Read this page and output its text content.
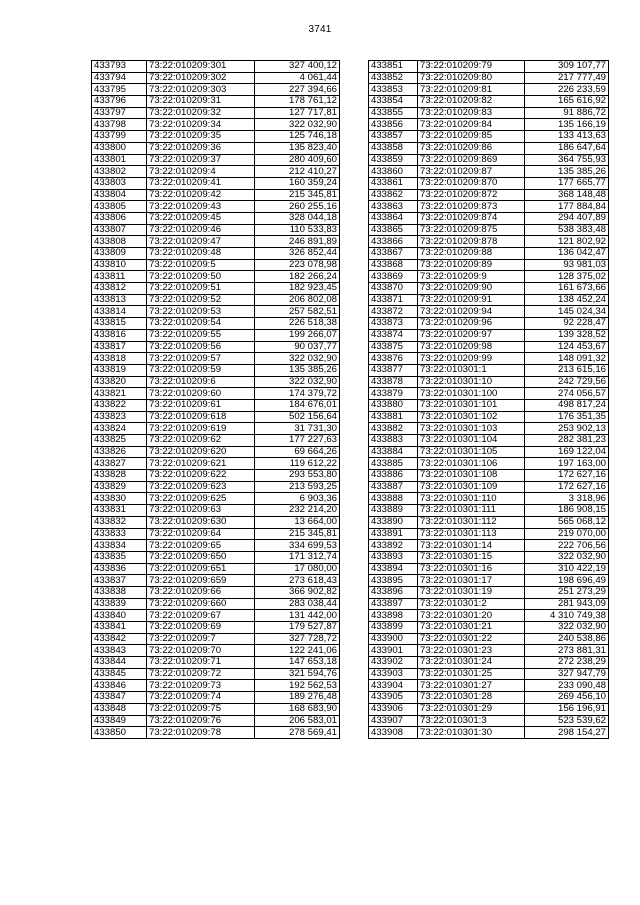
3741
433793	73:22:010209:301	327 400,12
433794	73:22:010209:302	4 061,44
433795	73:22:010209:303	227 394,66
433796	73:22:010209:31	178 761,12
433797	73:22:010209:32	127 717,81
433798	73:22:010209:34	322 032,90
433799	73:22:010209:35	125 746,18
433800	73:22:010209:36	135 823,40
433801	73:22:010209:37	280 409,60
433802	73:22:010209:4	212 410,27
433803	73:22:010209:41	160 359,24
433804	73:22:010209:42	215 345,81
433805	73:22:010209:43	260 255,16
433806	73:22:010209:45	328 044,18
433807	73:22:010209:46	110 533,83
433808	73:22:010209:47	246 891,89
433809	73:22:010209:48	326 852,44
433810	73:22:010209:5	223 078,98
433811	73:22:010209:50	182 266,24
433812	73:22:010209:51	182 923,45
433813	73:22:010209:52	206 802,08
433814	73:22:010209:53	257 582,51
433815	73:22:010209:54	226 518,38
433816	73:22:010209:55	199 266,07
433817	73:22:010209:56	90 037,77
433818	73:22:010209:57	322 032,90
433819	73:22:010209:59	135 385,26
433820	73:22:010209:6	322 032,90
433821	73:22:010209:60	174 379,72
433822	73:22:010209:61	184 676,01
433823	73:22:010209:618	502 156,64
433824	73:22:010209:619	31 731,30
433825	73:22:010209:62	177 227,63
433826	73:22:010209:620	69 664,26
433827	73:22:010209:621	119 612,22
433828	73:22:010209:622	293 553,80
433829	73:22:010209:623	213 593,25
433830	73:22:010209:625	6 903,36
433831	73:22:010209:63	232 214,20
433832	73:22:010209:630	13 664,00
433833	73:22:010209:64	215 345,81
433834	73:22:010209:65	334 699,53
433835	73:22:010209:650	171 312,74
433836	73:22:010209:651	17 080,00
433837	73:22:010209:659	273 618,43
433838	73:22:010209:66	366 902,82
433839	73:22:010209:660	283 038,44
433840	73:22:010209:67	131 442,00
433841	73:22:010209:69	179 527,87
433842	73:22:010209:7	327 728,72
433843	73:22:010209:70	122 241,06
433844	73:22:010209:71	147 653,18
433845	73:22:010209:72	321 594,76
433846	73:22:010209:73	192 562,53
433847	73:22:010209:74	189 276,48
433848	73:22:010209:75	168 683,90
433849	73:22:010209:76	206 583,01
433850	73:22:010209:78	278 569,41
433851	73:22:010209:79	309 107,77
433852	73:22:010209:80	217 777,49
433853	73:22:010209:81	226 233,59
433854	73:22:010209:82	165 616,92
433855	73:22:010209:83	91 886,72
433856	73:22:010209:84	135 166,19
433857	73:22:010209:85	133 413,63
433858	73:22:010209:86	186 647,64
433859	73:22:010209:869	364 755,93
433860	73:22:010209:87	135 385,26
433861	73:22:010209:870	177 665,77
433862	73:22:010209:872	368 148,48
433863	73:22:010209:873	177 884,84
433864	73:22:010209:874	294 407,89
433865	73:22:010209:875	538 383,48
433866	73:22:010209:878	121 802,92
433867	73:22:010209:88	136 042,47
433868	73:22:010209:89	93 981,03
433869	73:22:010209:9	128 375,02
433870	73:22:010209:90	161 673,66
433871	73:22:010209:91	138 452,24
433872	73:22:010209:94	145 024,34
433873	73:22:010209:96	92 228,47
433874	73:22:010209:97	139 328,52
433875	73:22:010209:98	124 453,67
433876	73:22:010209:99	148 091,32
433877	73:22:010301:1	213 615,16
433878	73:22:010301:10	242 729,56
433879	73:22:010301:100	274 056,57
433880	73:22:010301:101	498 817,24
433881	73:22:010301:102	176 351,35
433882	73:22:010301:103	253 902,13
433883	73:22:010301:104	282 381,23
433884	73:22:010301:105	169 122,04
433885	73:22:010301:106	197 163,00
433886	73:22:010301:108	172 627,16
433887	73:22:010301:109	172 627,16
433888	73:22:010301:110	3 318,96
433889	73:22:010301:111	186 908,15
433890	73:22:010301:112	565 068,12
433891	73:22:010301:113	219 070,00
433892	73:22:010301:14	222 706,56
433893	73:22:010301:15	322 032,90
433894	73:22:010301:16	310 422,19
433895	73:22:010301:17	198 696,49
433896	73:22:010301:19	251 273,29
433897	73:22:010301:2	281 943,09
433898	73:22:010301:20	4 310 749,38
433899	73:22:010301:21	322 032,90
433900	73:22:010301:22	240 538,86
433901	73:22:010301:23	273 881,31
433902	73:22:010301:24	272 238,29
433903	73:22:010301:25	327 947,79
433904	73:22:010301:27	233 090,48
433905	73:22:010301:28	269 456,10
433906	73:22:010301:29	156 196,91
433907	73:22:010301:3	523 539,62
433908	73:22:010301:30	298 154,27
